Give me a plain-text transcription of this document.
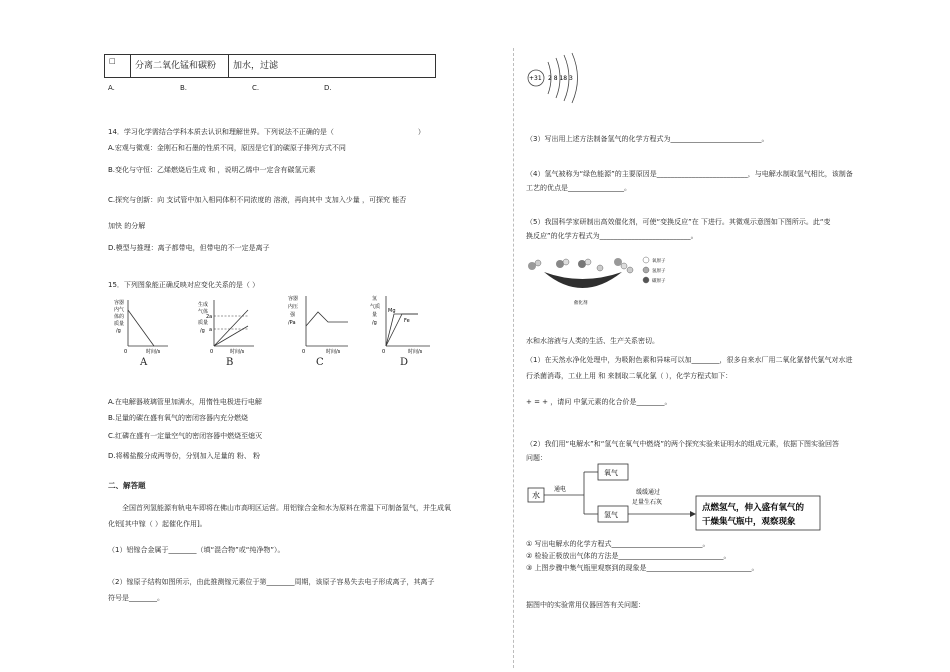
□	分离二氧化锰和碳粉	加水，过滤
A.	B.	C.	D.
14．学习化学需结合学科本质去认识和理解世界。下列说法不正确的是（　　　　　　　　　　　　）
A.宏观与微观：金刚石和石墨的性质不同，原因是它们的碳原子排列方式不同
B.变化与守恒：乙烯燃烧后生成 和 ，说明乙烯中一定含有碳氢元素
C.探究与创新：向 支试管中加入相同体积不同浓度的 溶液，再向其中 支加入少量 ，可探究 能否
加快 的分解
D.模型与推理：离子都带电，但带电的不一定是离子
15．下列图象能正确反映对应变化关系的是（ ）
容器
内气
体的
质量
/g
0	时间/s
A
生成
气体
质量
/g
2a
a
0	时间/s
B
容器
内压
强
/Pa
0	时间/s
C
氢
气质
量
/g
Mg
Fe
0	时间/s
D
A.在电解器玻璃管里加满水，用惰性电极进行电解
B.足量的碳在盛有氧气的密闭容器内充分燃烧
C.红磷在盛有一定量空气的密闭容器中燃烧至熄灭
D.将稀盐酸分成两等份，分别加入足量的 粉、 粉
二、解答题
全国首列氢能源有轨电车即将在佛山市高明区运营。用铝镓合金和水为原料在常温下可制备氢气，并生成氧
化铝[其中镓（ ）起催化作用]。
（1）铝镓合金属于________（填“混合物”或“纯净物”）。
（2）镓原子结构如图所示，由此推测镓元素位于第________周期，该原子容易失去电子形成离子，其离子
符号是________。
+31 2 8 18 3
（3）写出用上述方法制备氢气的化学方程式为__________________________。
（4）氢气被称为“绿色能源”的主要原因是__________________________，与电解水制取氢气相比，该制备
工艺的优点是________________。
（5）我国科学家研制出高效催化剂，可使“变换反应”在 下进行。其微观示意图如下图所示。此“变
换反应”的化学方程式为__________________________。
氧原子
氢原子
碳原子
催化剂
水和水溶液与人类的生活、生产关系密切。
（1）在天然水净化处理中，为吸附色素和异味可以加________，很多自来水厂用二氧化氯替代氯气对水进
行杀菌消毒，工业上用 和 来制取二氧化氯（ ），化学方程式如下：
+ = + ，请问 中氯元素的化合价是________。
（2）我们用“电解水”和“氢气在氧气中燃烧”的两个探究实验来证明水的组成元素，依据下图实验回答
问题：
水
通电
氧气
氢气
缓缓通过
足量生石灰
点燃氢气，伸入盛有氧气的
干燥集气瓶中，观察现象
① 写出电解水的化学方程式__________________________。
② 检验正极放出气体的方法是______________________________。
③ 上图步骤中集气瓶里观察到的现象是______________________________。
据图中的实验常用仪器回答有关问题：
